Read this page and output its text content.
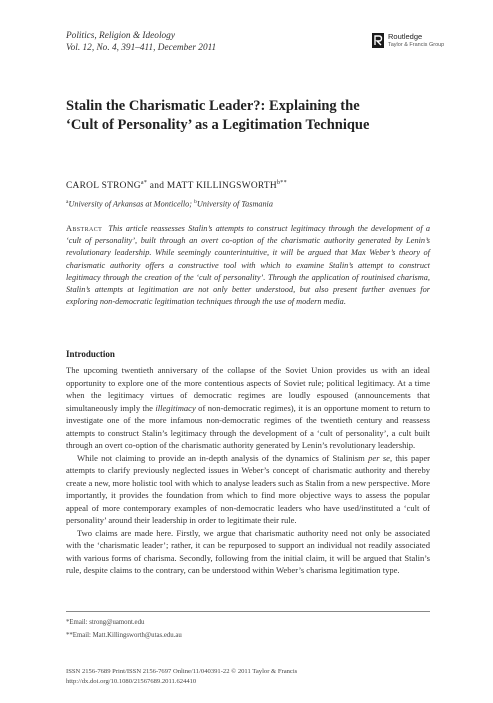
Politics, Religion & Ideology
Vol. 12, No. 4, 391–411, December 2011
Routledge
Taylor & Francis Group
Stalin the Charismatic Leader?: Explaining the
‘Cult of Personality’ as a Legitimation Technique
CAROL $STRONG^{a*}$ and MATT $KILLINGSWORTH^{b**}$
$^a$University of Arkansas at Monticello; $^b$University of Tasmania

Abstract This article reassesses Stalin’s attempts to construct legitimacy through the development of a ‘cult of personality’, built through an overt co-option of the charismatic authority generated by Lenin’s revolutionary leadership. While seemingly counterintuitive, it will be argued that Max Weber’s theory of charismatic authority offers a constructive tool with which to examine Stalin’s attempt to construct legitimacy through the creation of the ‘cult of personality’. Through the application of routinised charisma, Stalin’s attempts at legitimation are not only better understood, but also present further avenues for exploring non-democratic legitimation techniques through the use of modern media.

Introduction

The upcoming twentieth anniversary of the collapse of the Soviet Union provides us with an ideal opportunity to explore one of the more contentious aspects of Soviet rule; political legitimacy. At a time when the legitimacy virtues of democratic regimes are loudly espoused (announcements that simultaneously imply the illegitimacy of non-democratic regimes), it is an opportune moment to return to investigate one of the more infamous non-democratic regimes of the twentieth century and reassess attempts to construct Stalin’s legitimacy through the development of a ‘cult of personality’, a cult built through an overt co-option of the charismatic authority generated by Lenin’s revolutionary leadership.

While not claiming to provide an in-depth analysis of the dynamics of Stalinism per se, this paper attempts to clarify previously neglected issues in Weber’s concept of charismatic authority and thereby create a new, more holistic tool with which to analyse leaders such as Stalin from a new perspective. More importantly, it provides the foundation from which to find more objective ways to assess the popular appeal of more contemporary examples of non-democratic leaders who have used/instituted a ‘cult of personality’ around their leadership in order to legitimate their rule.

Two claims are made here. Firstly, we argue that charismatic authority need not only be associated with the ‘charismatic leader’; rather, it can be repurposed to support an individual not readily associated with various forms of charisma. Secondly, following from the initial claim, it will be argued that Stalin’s rule, despite claims to the contrary, can be understood within Weber’s charisma legitimation type.

*Email: strong@uamont.edu
**Email: Matt.Killingsworth@utas.edu.au
ISSN 2156-7689 Print/ISSN 2156-7697 Online/11/040391-22 © 2011 Taylor & Francis
http://dx.doi.org/10.1080/21567689.2011.624410
